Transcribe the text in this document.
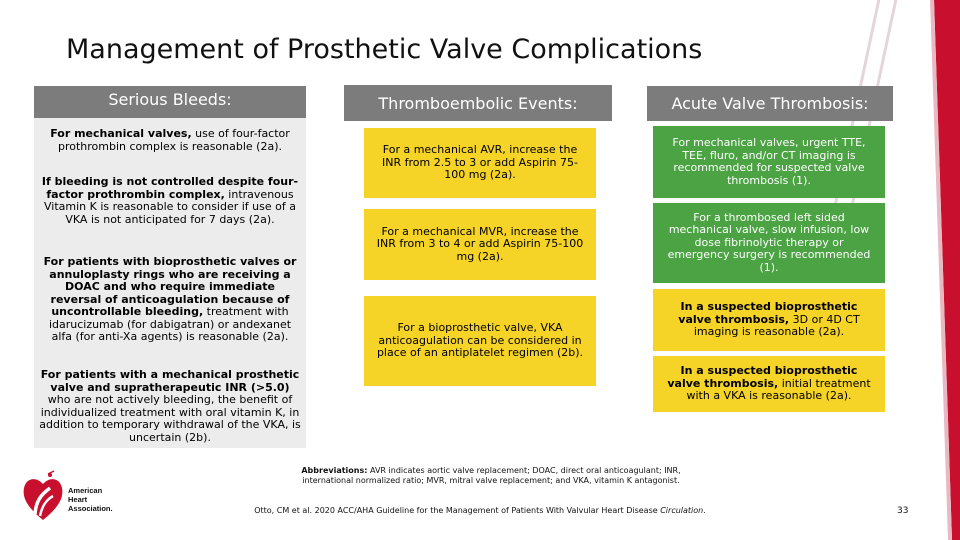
Management of Prosthetic Valve Complications
Serious Bleeds:	Thromboembolic Events:	Acute Valve Thrombosis:
For mechanical valves, use of four-factor prothrombin complex is reasonable (2a).
If bleeding is not controlled despite four-factor prothrombin complex, intravenous Vitamin K is reasonable to consider if use of a VKA is not anticipated for 7 days (2a).
For patients with bioprosthetic valves or annuloplasty rings who are receiving a DOAC and who require immediate reversal of anticoagulation because of uncontrollable bleeding, treatment with idarucizumab (for dabigatran) or andexanet alfa (for anti-Xa agents) is reasonable (2a).
For patients with a mechanical prosthetic valve and supratherapeutic INR (>5.0) who are not actively bleeding, the benefit of individualized treatment with oral vitamin K, in addition to temporary withdrawal of the VKA, is uncertain (2b).
For a mechanical AVR, increase the INR from 2.5 to 3 or add Aspirin 75-100 mg (2a).
For a mechanical MVR, increase the INR from 3 to 4 or add Aspirin 75-100 mg (2a).
For a bioprosthetic valve, VKA anticoagulation can be considered in place of an antiplatelet regimen (2b).
For mechanical valves, urgent TTE, TEE, fluro, and/or CT imaging is recommended for suspected valve thrombosis (1).
For a thrombosed left sided mechanical valve, slow infusion, low dose fibrinolytic therapy or emergency surgery is recommended (1).
In a suspected bioprosthetic valve thrombosis, 3D or 4D CT imaging is reasonable (2a).
In a suspected bioprosthetic valve thrombosis, initial treatment with a VKA is reasonable (2a).
Abbreviations: AVR indicates aortic valve replacement; DOAC, direct oral anticoagulant; INR, international normalized ratio; MVR, mitral valve replacement; and VKA, vitamin K antagonist.
Otto, CM et al. 2020 ACC/AHA Guideline for the Management of Patients With Valvular Heart Disease Circulation.	33
American
Heart
Association.
